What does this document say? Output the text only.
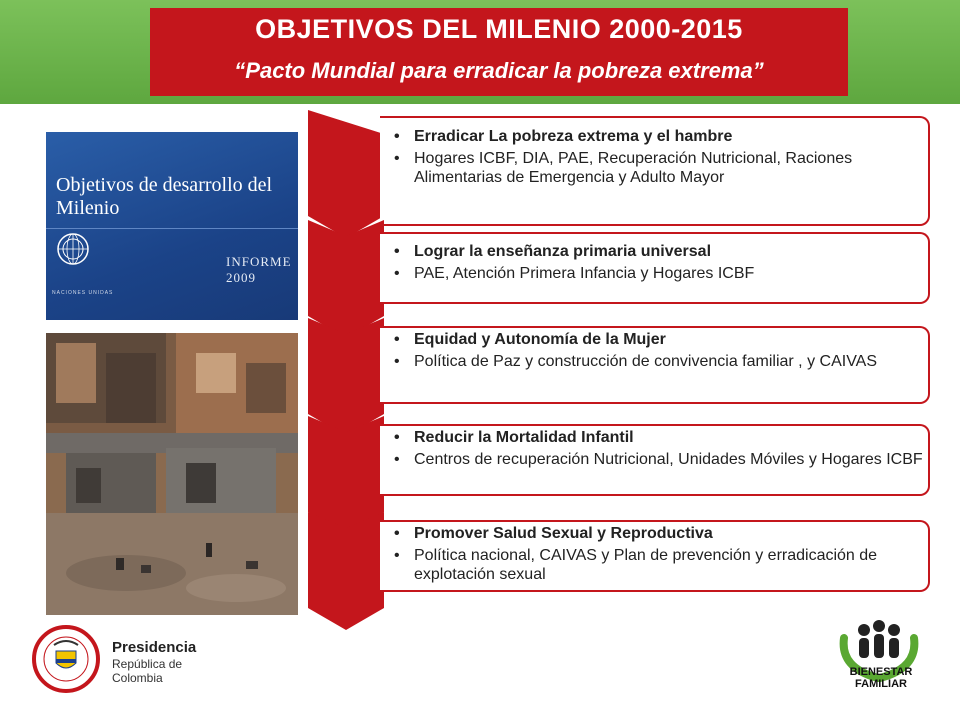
OBJETIVOS DEL MILENIO 2000-2015
“Pacto Mundial para erradicar la pobreza extrema”
Objetivos de desarrollo del Milenio
INFORME 2009
NACIONES UNIDAS
1
• Erradicar La pobreza extrema y el hambre
• Hogares ICBF, DIA, PAE, Recuperación Nutricional, Raciones Alimentarias de Emergencia y Adulto Mayor
2
• Lograr la enseñanza primaria universal
• PAE, Atención Primera Infancia y Hogares ICBF
3
• Equidad y Autonomía de la Mujer
• Política de Paz y construcción de convivencia familiar , y CAIVAS
4
• Reducir la Mortalidad Infantil
• Centros de recuperación Nutricional, Unidades Móviles y Hogares ICBF
5
• Promover Salud Sexual y Reproductiva
• Política nacional, CAIVAS y Plan de prevención y erradicación de explotación sexual
Presidencia
República de Colombia	BIENESTAR
FAMILIAR
